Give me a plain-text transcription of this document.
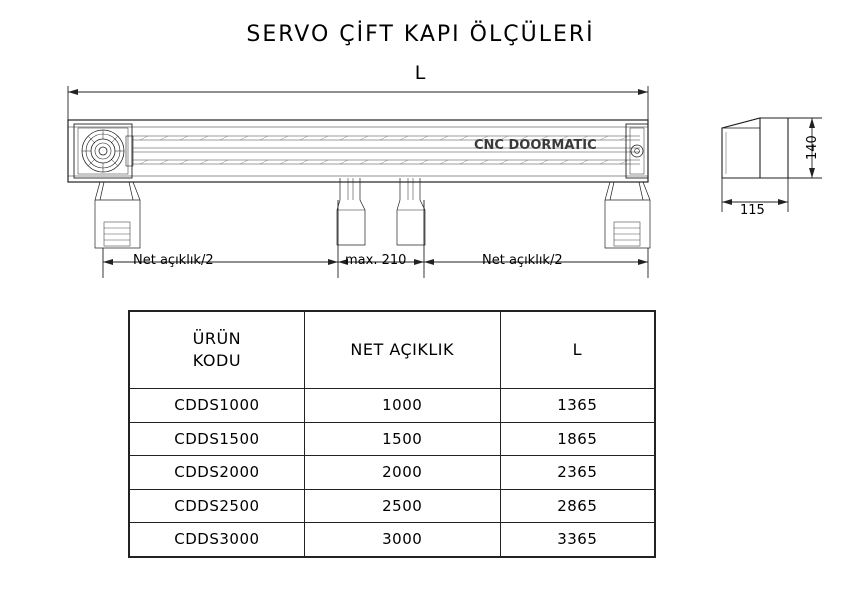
SERVO ÇİFT KAPI ÖLÇÜLERİ
L
CNC DOORMATIC
Net açıklık/2	max. 210	Net açıklık/2
140
115
ÜRÜN
KODU	NET AÇIKLIK	L
CDDS1000	1000	1365
CDDS1500	1500	1865
CDDS2000	2000	2365
CDDS2500	2500	2865
CDDS3000	3000	3365
